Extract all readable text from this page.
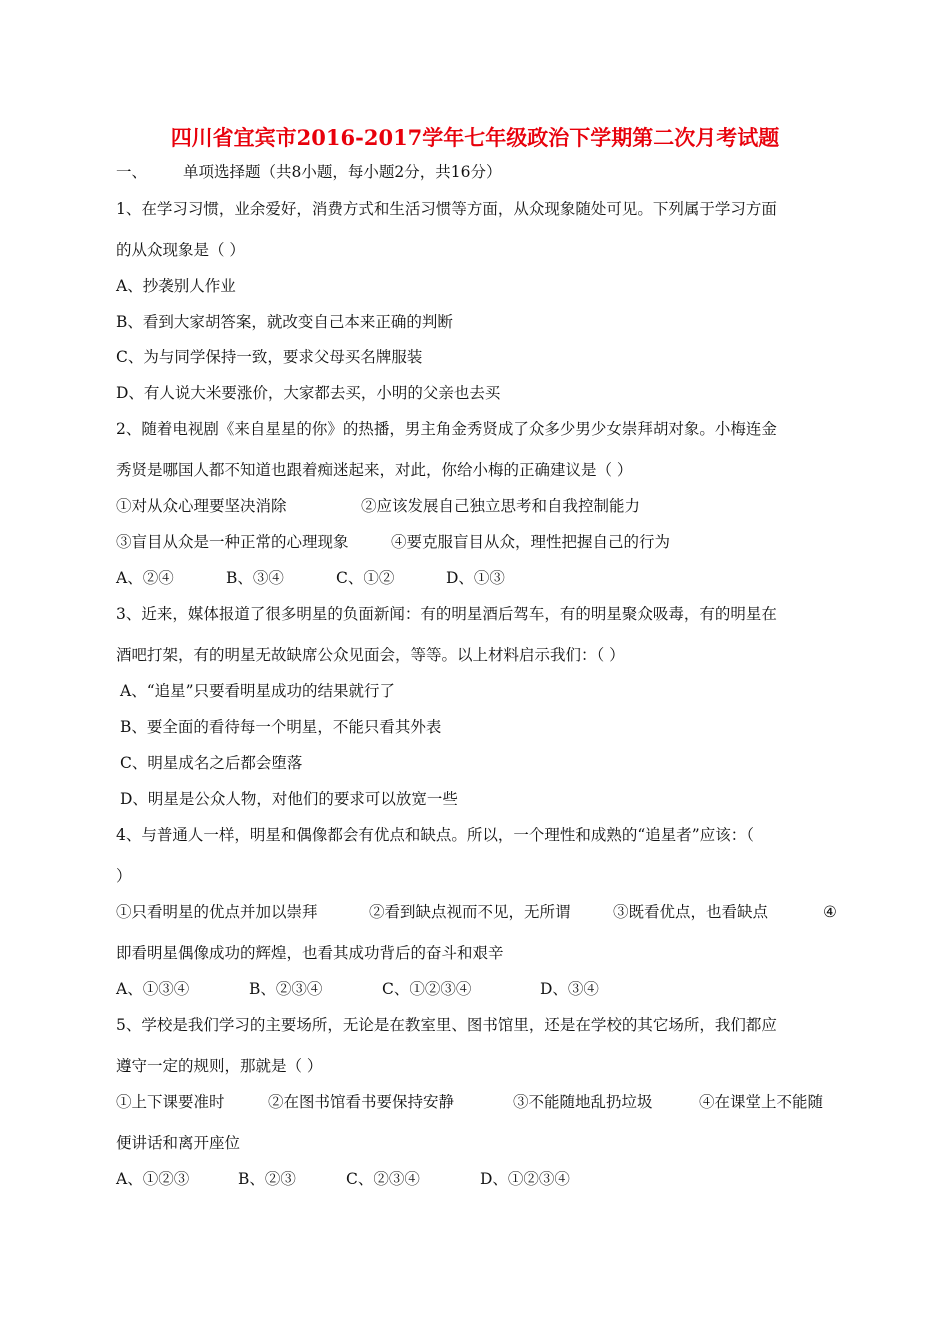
四川省宜宾市2016-2017学年七年级政治下学期第二次月考试题
一、 单项选择题（共8小题，每小题2分，共16分）
1、在学习习惯，业余爱好，消费方式和生活习惯等方面，从众现象随处可见。下列属于学习方面
的从众现象是（ ）
A、抄袭别人作业
B、看到大家胡答案，就改变自己本来正确的判断
C、为与同学保持一致，要求父母买名牌服装
D、有人说大米要涨价，大家都去买，小明的父亲也去买
2、随着电视剧《来自星星的你》的热播，男主角金秀贤成了众多少男少女崇拜胡对象。小梅连金
秀贤是哪国人都不知道也跟着痴迷起来，对此，你给小梅的正确建议是（ ）
①对从众心理要坚决消除	②应该发展自己独立思考和自我控制能力
③盲目从众是一种正常的心理现象	④要克服盲目从众，理性把握自己的行为
A、②④	B、③④	C、①②	D、①③
3、近来，媒体报道了很多明星的负面新闻：有的明星酒后驾车，有的明星聚众吸毒，有的明星在
酒吧打架，有的明星无故缺席公众见面会，等等。以上材料启示我们：（ ）
A、“追星”只要看明星成功的结果就行了
B、要全面的看待每一个明星，不能只看其外表
C、明星成名之后都会堕落
D、明星是公众人物，对他们的要求可以放宽一些
4、与普通人一样，明星和偶像都会有优点和缺点。所以，一个理性和成熟的“追星者”应该：（
）
①只看明星的优点并加以崇拜	②看到缺点视而不见，无所谓	③既看优点，也看缺点	④
即看明星偶像成功的辉煌，也看其成功背后的奋斗和艰辛
A、①③④	B、②③④	C、①②③④	D、③④
5、学校是我们学习的主要场所，无论是在教室里、图书馆里，还是在学校的其它场所，我们都应
遵守一定的规则，那就是（ ）
①上下课要准时	②在图书馆看书要保持安静	③不能随地乱扔垃圾	④在课堂上不能随
便讲话和离开座位
A、①②③	B、②③	C、②③④	D、①②③④
